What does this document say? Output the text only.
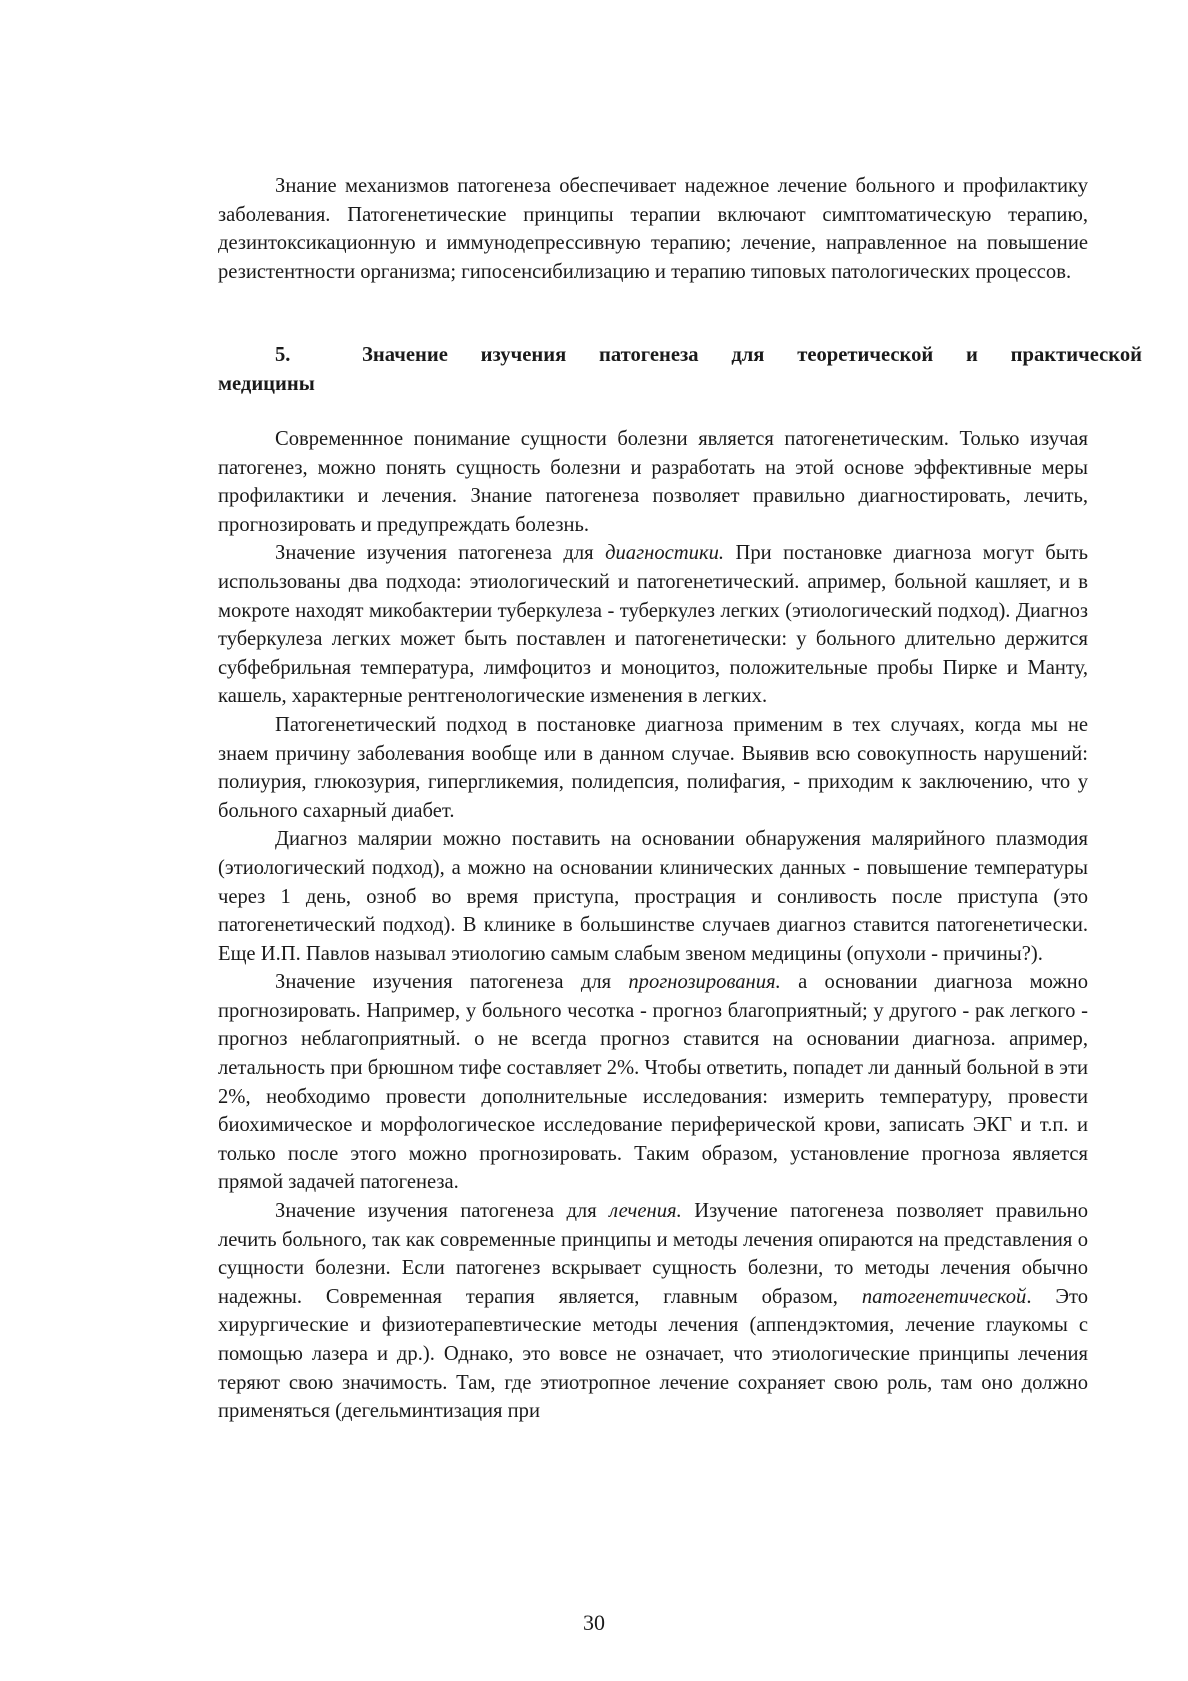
Знание механизмов патогенеза обеспечивает надежное лечение больного и профилактику заболевания. Патогенетические принципы терапии включают симптоматическую терапию, дезинтоксикационную и иммунодепрессивную терапию; лечение, направленное на повышение резистентности организма; гипосенсибилизацию и терапию типовых патологических процессов.

5.	Значение изучения патогенеза для теоретической и практической
медицины

Современнное понимание сущности болезни является патогенетическим. Только изучая патогенез, можно понять сущность болезни и разработать на этой основе эффективные меры профилактики и лечения. Знание патогенеза позволяет правильно диагностировать, лечить, прогнозировать и предупреждать болезнь.

Значение изучения патогенеза для диагностики. При постановке диагноза могут быть использованы два подхода: этиологический и патогенетический. апример, больной кашляет, и в мокроте находят микобактерии туберкулеза - туберкулез легких (этиологический подход). Диагноз туберкулеза легких может быть поставлен и патогенетически: у больного длительно держится субфебрильная температура, лимфоцитоз и моноцитоз, положительные пробы Пирке и Манту, кашель, характерные рентгенологические изменения в легких.

Патогенетический подход в постановке диагноза применим в тех случаях, когда мы не знаем причину заболевания вообще или в данном случае. Выявив всю совокупность нарушений: полиурия, глюкозурия, гипергликемия, полидепсия, полифагия, - приходим к заключению, что у больного сахарный диабет.

Диагноз малярии можно поставить на основании обнаружения малярийного плазмодия (этиологический подход), а можно на основании клинических данных - повышение температуры через 1 день, озноб во время приступа, прострация и сонливость после приступа (это патогенетический подход). В клинике в большинстве случаев диагноз ставится патогенетически. Еще И.П. Павлов называл этиологию самым слабым звеном медицины (опухоли - причины?).

Значение изучения патогенеза для прогнозирования. а основании диагноза можно прогнозировать. Например, у больного чесотка - прогноз благоприятный; у другого - рак легкого - прогноз неблагоприятный. о не всегда прогноз ставится на основании диагноза. апример, летальность при брюшном тифе составляет 2%. Чтобы ответить, попадет ли данный больной в эти 2%, необходимо провести дополнительные исследования: измерить температуру, провести биохимическое и морфологическое исследование периферической крови, записать ЭКГ и т.п. и только после этого можно прогнозировать. Таким образом, установление прогноза является прямой задачей патогенеза.

Значение изучения патогенеза для лечения. Изучение патогенеза позволяет правильно лечить больного, так как современные принципы и методы лечения опираются на представления о сущности болезни. Если патогенез вскрывает сущность болезни, то методы лечения обычно надежны. Современная терапия является, главным образом, патогенетической. Это хирургические и физиотерапевтические методы лечения (аппендэктомия, лечение глаукомы с помощью лазера и др.). Однако, это вовсе не означает, что этиологические принципы лечения теряют свою значимость. Там, где этиотропное лечение сохраняет свою роль, там оно должно применяться (дегельминтизация при

30
